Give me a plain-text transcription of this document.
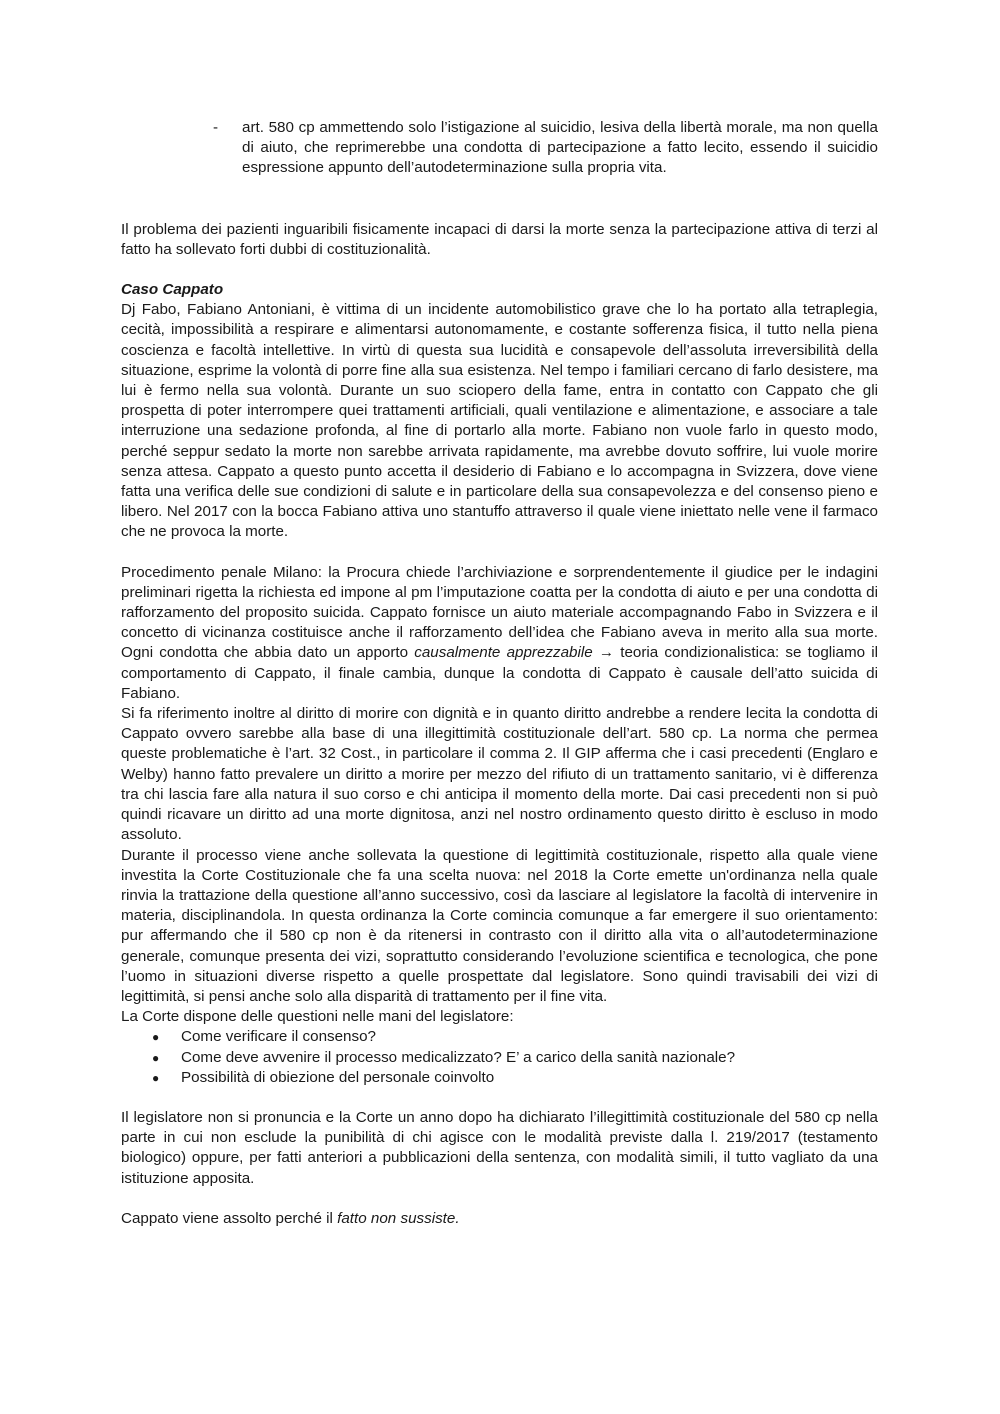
- art. 580 cp ammettendo solo l’istigazione al suicidio, lesiva della libertà morale, ma non quella di aiuto, che reprimerebbe una condotta di partecipazione a fatto lecito, essendo il suicidio espressione appunto dell’autodeterminazione sulla propria vita.

Il problema dei pazienti inguaribili fisicamente incapaci di darsi la morte senza la partecipazione attiva di terzi al fatto ha sollevato forti dubbi di costituzionalità.

Caso Cappato

Dj Fabo, Fabiano Antoniani, è vittima di un incidente automobilistico grave che lo ha portato alla tetraplegia, cecità, impossibilità a respirare e alimentarsi autonomamente, e costante sofferenza fisica, il tutto nella piena coscienza e facoltà intellettive. In virtù di questa sua lucidità e consapevole dell’assoluta irreversibilità della situazione, esprime la volontà di porre fine alla sua esistenza. Nel tempo i familiari cercano di farlo desistere, ma lui è fermo nella sua volontà. Durante un suo sciopero della fame, entra in contatto con Cappato che gli prospetta di poter interrompere quei trattamenti artificiali, quali ventilazione e alimentazione, e associare a tale interruzione una sedazione profonda, al fine di portarlo alla morte. Fabiano non vuole farlo in questo modo, perché seppur sedato la morte non sarebbe arrivata rapidamente, ma avrebbe dovuto soffrire, lui vuole morire senza attesa. Cappato a questo punto accetta il desiderio di Fabiano e lo accompagna in Svizzera, dove viene fatta una verifica delle sue condizioni di salute e in particolare della sua consapevolezza e del consenso pieno e libero. Nel 2017 con la bocca Fabiano attiva uno stantuffo attraverso il quale viene iniettato nelle vene il farmaco che ne provoca la morte.

Procedimento penale Milano: la Procura chiede l’archiviazione e sorprendentemente il giudice per le indagini preliminari rigetta la richiesta ed impone al pm l’imputazione coatta per la condotta di aiuto e per una condotta di rafforzamento del proposito suicida. Cappato fornisce un aiuto materiale accompagnando Fabo in Svizzera e il concetto di vicinanza costituisce anche il rafforzamento dell’idea che Fabiano aveva in merito alla sua morte. Ogni condotta che abbia dato un apporto causalmente apprezzabile → teoria condizionalistica: se togliamo il comportamento di Cappato, il finale cambia, dunque la condotta di Cappato è causale dell’atto suicida di Fabiano.

Si fa riferimento inoltre al diritto di morire con dignità e in quanto diritto andrebbe a rendere lecita la condotta di Cappato ovvero sarebbe alla base di una illegittimità costituzionale dell’art. 580 cp. La norma che permea queste problematiche è l’art. 32 Cost., in particolare il comma 2. Il GIP afferma che i casi precedenti (Englaro e Welby) hanno fatto prevalere un diritto a morire per mezzo del rifiuto di un trattamento sanitario, vi è differenza tra chi lascia fare alla natura il suo corso e chi anticipa il momento della morte. Dai casi precedenti non si può quindi ricavare un diritto ad una morte dignitosa, anzi nel nostro ordinamento questo diritto è escluso in modo assoluto.

Durante il processo viene anche sollevata la questione di legittimità costituzionale, rispetto alla quale viene investita la Corte Costituzionale che fa una scelta nuova: nel 2018 la Corte emette un'ordinanza nella quale rinvia la trattazione della questione all’anno successivo, così da lasciare al legislatore la facoltà di intervenire in materia, disciplinandola. In questa ordinanza la Corte comincia comunque a far emergere il suo orientamento: pur affermando che il 580 cp non è da ritenersi in contrasto con il diritto alla vita o all’autodeterminazione generale, comunque presenta dei vizi, soprattutto considerando l’evoluzione scientifica e tecnologica, che pone l’uomo in situazioni diverse rispetto a quelle prospettate dal legislatore. Sono quindi travisabili dei vizi di legittimità, si pensi anche solo alla disparità di trattamento per il fine vita.

La Corte dispone delle questioni nelle mani del legislatore:

● Come verificare il consenso?
● Come deve avvenire il processo medicalizzato? E’ a carico della sanità nazionale?
● Possibilità di obiezione del personale coinvolto

Il legislatore non si pronuncia e la Corte un anno dopo ha dichiarato l’illegittimità costituzionale del 580 cp nella parte in cui non esclude la punibilità di chi agisce con le modalità previste dalla l. 219/2017 (testamento biologico) oppure, per fatti anteriori a pubblicazioni della sentenza, con modalità simili, il tutto vagliato da una istituzione apposita.

Cappato viene assolto perché il fatto non sussiste.
